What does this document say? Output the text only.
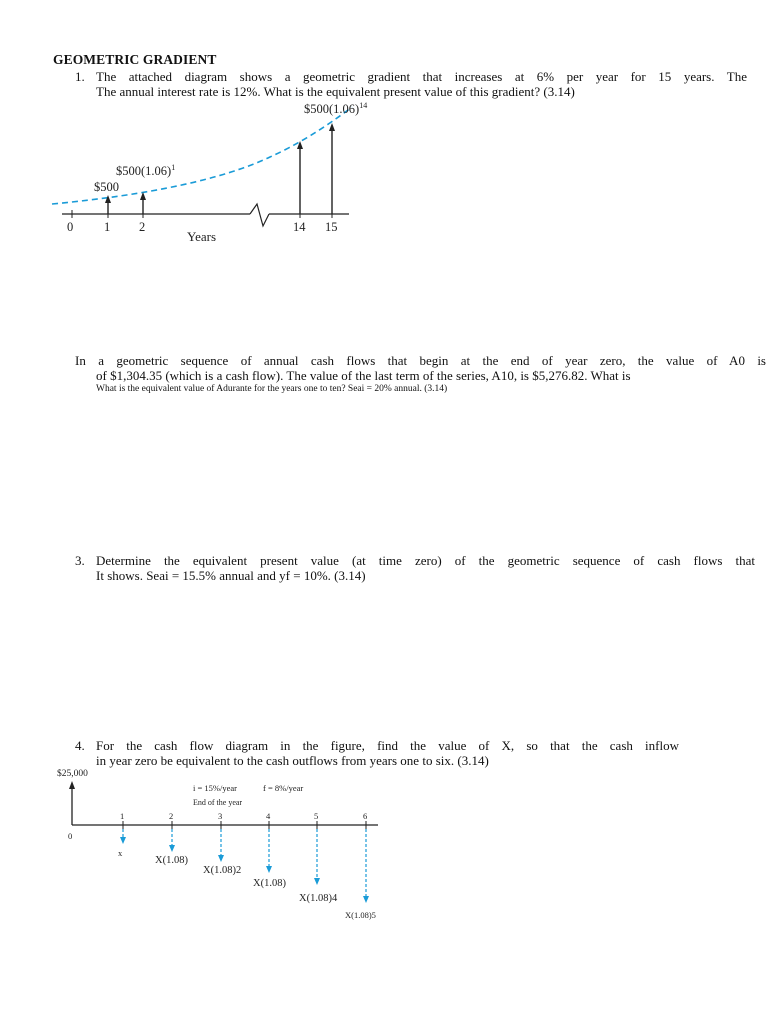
GEOMETRIC GRADIENT
1. The attached diagram shows a geometric gradient that increases at 6% per year for 15 years. The
The annual interest rate is 12%. What is the equivalent present value of this gradient? (3.14)
$\$500(1.06)^{14}$
$\$500(1.06)^1$
$500
0 1 2	14 15
Years
In a geometric sequence of annual cash flows that begin at the end of year zero, the value of A0 is
of $1,304.35 (which is a cash flow). The value of the last term of the series, A10, is $5,276.82. What is
What is the equivalent value of Adurante for the years one to ten? Seai = 20% annual. (3.14)
3. Determine the equivalent present value (at time zero) of the geometric sequence of cash flows that
It shows. Seai = 15.5% annual and yf = 10%. (3.14)
4. For the cash flow diagram in the figure, find the value of X, so that the cash inflow
in year zero be equivalent to the cash outflows from years one to six. (3.14)
$25,000
i = 15%/year	f = 8%/year
End of the year
0
1	2	3	4	5	6
x
X(1.08)
X(1.08)2
X(1.08)
X(1.08)4
X(1.08)5
